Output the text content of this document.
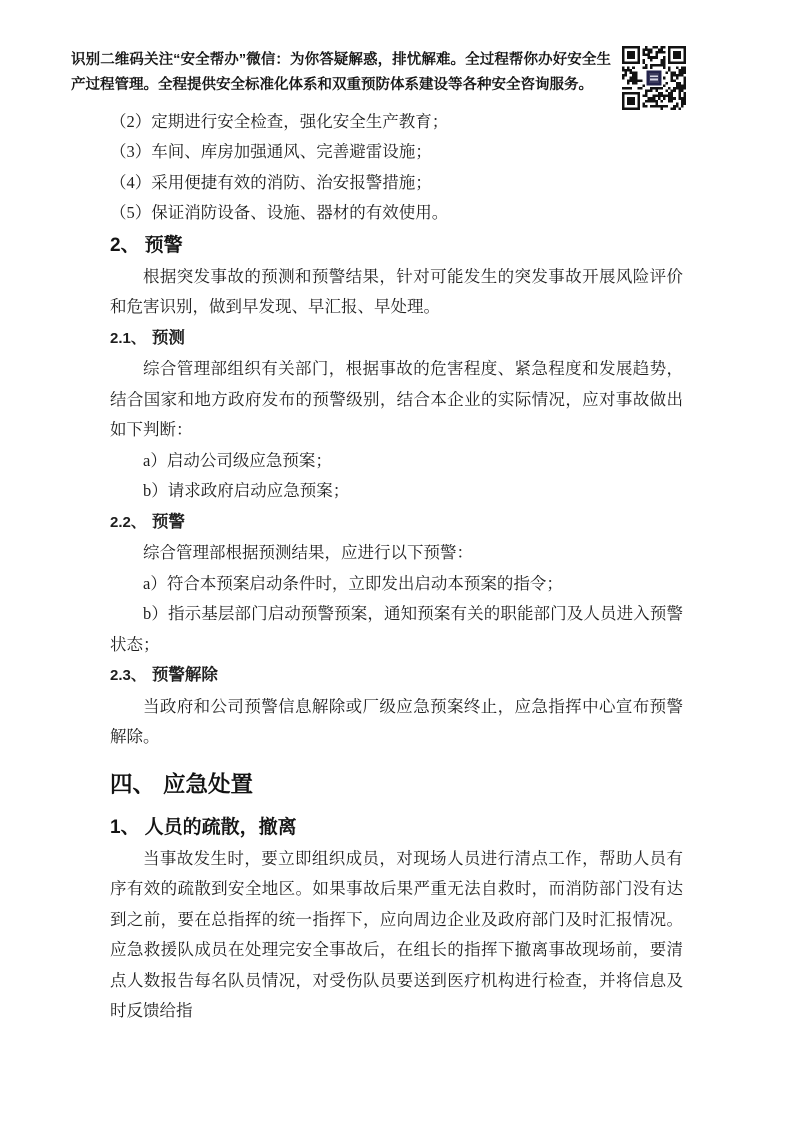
识别二维码关注“安全帮办”微信：为你答疑解惑，排忧解难。全过程帮你办好安全生产过程管理。全程提供安全标准化体系和双重预防体系建设等各种安全咨询服务。

（2）定期进行安全检查，强化安全生产教育；

（3）车间、库房加强通风、完善避雷设施；

（4）采用便捷有效的消防、治安报警措施；

（5）保证消防设备、设施、器材的有效使用。

2、 预警

根据突发事故的预测和预警结果，针对可能发生的突发事故开展风险评价和危害识别，做到早发现、早汇报、早处理。

2.1、 预测

综合管理部组织有关部门，根据事故的危害程度、紧急程度和发展趋势，结合国家和地方政府发布的预警级别，结合本企业的实际情况，应对事故做出如下判断：

a）启动公司级应急预案；

b）请求政府启动应急预案；

2.2、 预警

综合管理部根据预测结果，应进行以下预警：

a）符合本预案启动条件时，立即发出启动本预案的指令；

b）指示基层部门启动预警预案，通知预案有关的职能部门及人员进入预警状态；

2.3、 预警解除

当政府和公司预警信息解除或厂级应急预案终止，应急指挥中心宣布预警解除。

四、 应急处置
1、 人员的疏散，撤离

当事故发生时，要立即组织成员，对现场人员进行清点工作，帮助人员有序有效的疏散到安全地区。如果事故后果严重无法自救时，而消防部门没有达到之前，要在总指挥的统一指挥下，应向周边企业及政府部门及时汇报情况。应急救援队成员在处理完安全事故后，在组长的指挥下撤离事故现场前，要清点人数报告每名队员情况，对受伤队员要送到医疗机构进行检查，并将信息及时反馈给指
